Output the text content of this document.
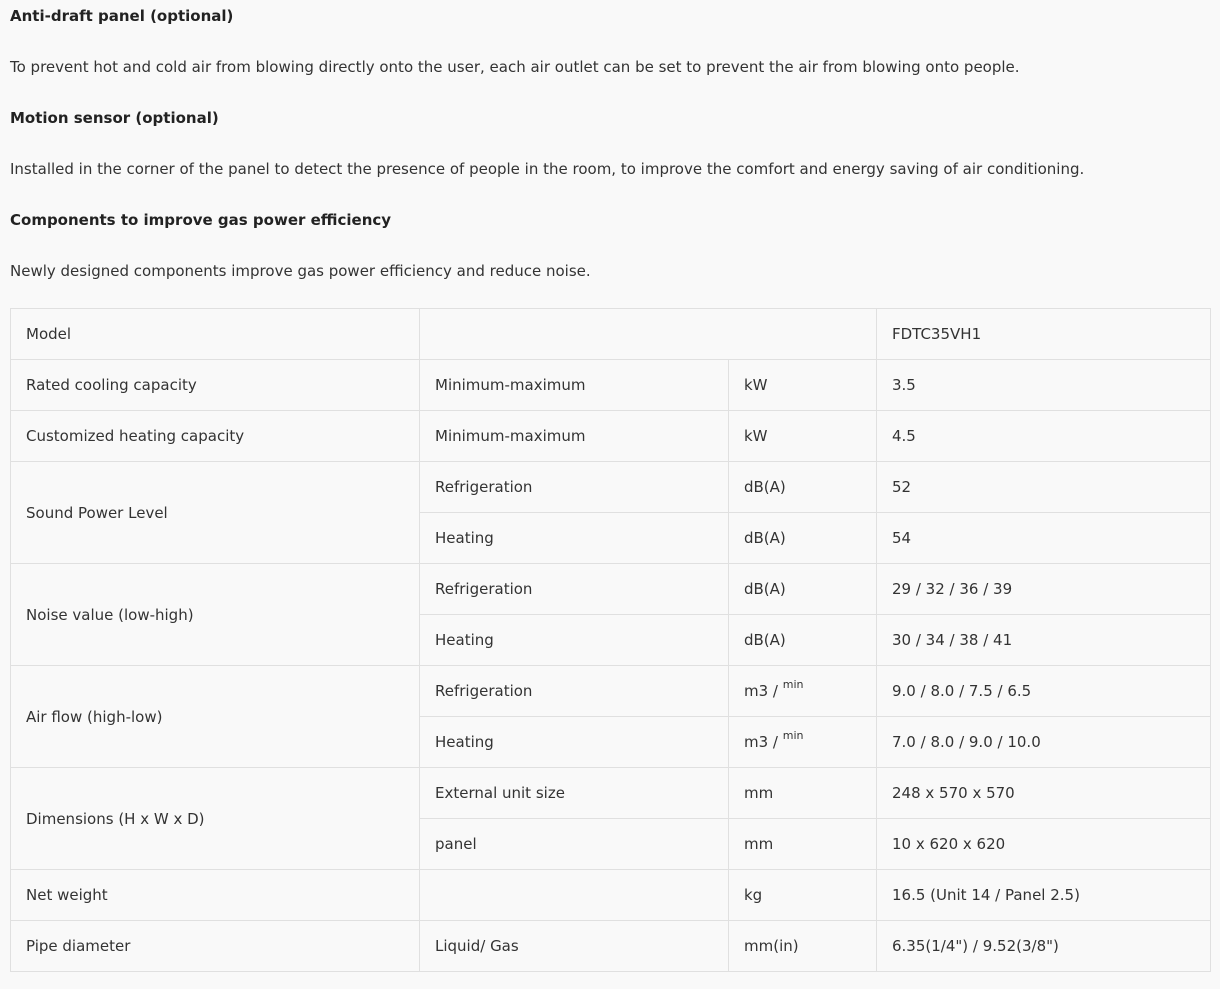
Anti-draft panel (optional)

To prevent hot and cold air from blowing directly onto the user, each air outlet can be set to prevent the air from blowing onto people.

Motion sensor (optional)

Installed in the corner of the panel to detect the presence of people in the room, to improve the comfort and energy saving of air conditioning.

Components to improve gas power efficiency

Newly designed components improve gas power efficiency and reduce noise.

Model			FDTC35VH1
Rated cooling capacity	Minimum-maximum	kW	3.5
Customized heating capacity	Minimum-maximum	kW	4.5
Sound Power Level	Refrigeration	dB(A)	52
	Heating	dB(A)	54
Noise value (low-high)	Refrigeration	dB(A)	29 / 32 / 36 / 39
	Heating	dB(A)	30 / 34 / 38 / 41
Air flow (high-low)	Refrigeration	m3 / $^{min}$	9.0 / 8.0 / 7.5 / 6.5
	Heating	m3 / $^{min}$	7.0 / 8.0 / 9.0 / 10.0
Dimensions (H x W x D)	External unit size	mm	248 x 570 x 570
	panel	mm	10 x 620 x 620
Net weight		kg	16.5 (Unit 14 / Panel 2.5)
Pipe diameter	Liquid/ Gas	mm(in)	6.35(1/4") / 9.52(3/8")
